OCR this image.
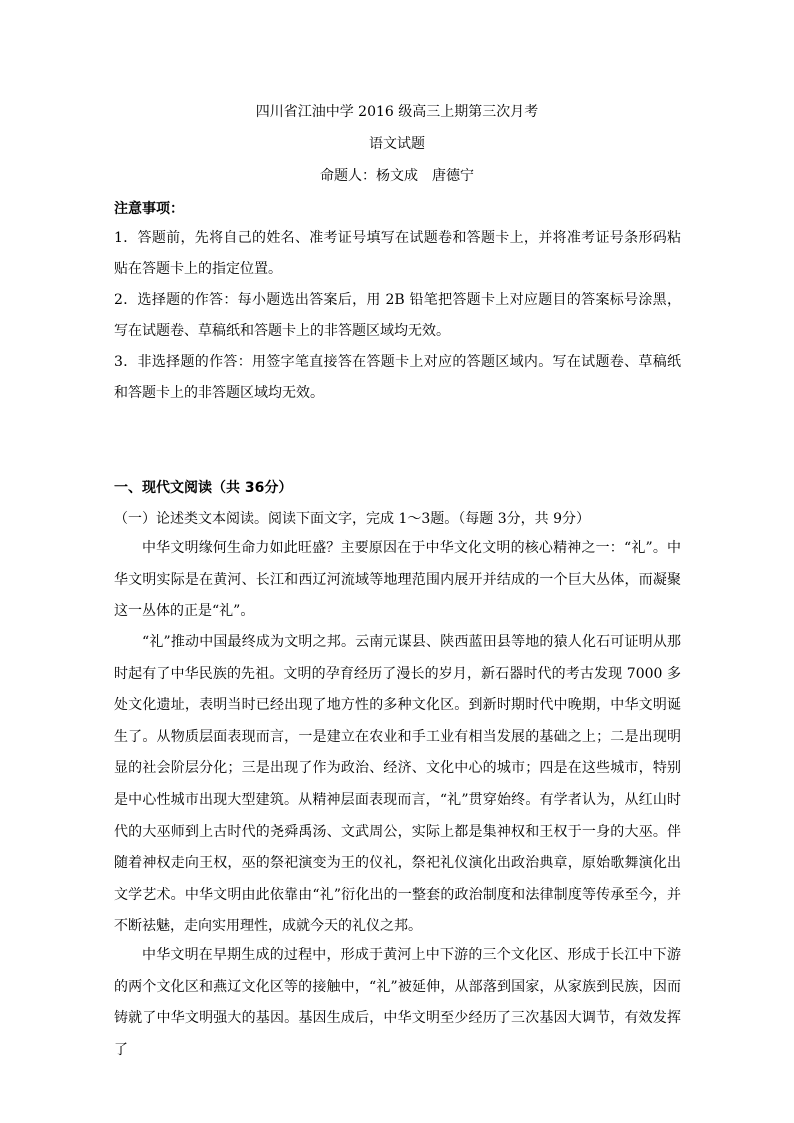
四川省江油中学 2016 级高三上期第三次月考
语文试题
命题人：杨文成　唐德宁
注意事项：
1．答题前，先将自己的姓名、准考证号填写在试题卷和答题卡上，并将准考证号条形码粘贴在答题卡上的指定位置。
2．选择题的作答：每小题选出答案后，用 2B 铅笔把答题卡上对应题目的答案标号涂黑，写在试题卷、草稿纸和答题卡上的非答题区域均无效。
3．非选择题的作答：用签字笔直接答在答题卡上对应的答题区域内。写在试题卷、草稿纸和答题卡上的非答题区域均无效。
一、现代文阅读（共 36分）
（一）论述类文本阅读。阅读下面文字，完成 1～3题。（每题 3分，共 9分）
中华文明缘何生命力如此旺盛？主要原因在于中华文化文明的核心精神之一：“礼”。中华文明实际是在黄河、长江和西辽河流域等地理范围内展开并结成的一个巨大丛体，而凝聚这一丛体的正是“礼”。
“礼”推动中国最终成为文明之邦。云南元谋县、陕西蓝田县等地的猿人化石可证明从那时起有了中华民族的先祖。文明的孕育经历了漫长的岁月，新石器时代的考古发现 7000 多处文化遗址，表明当时已经出现了地方性的多种文化区。到新时期时代中晚期，中华文明诞生了。从物质层面表现而言，一是建立在农业和手工业有相当发展的基础之上；二是出现明显的社会阶层分化；三是出现了作为政治、经济、文化中心的城市；四是在这些城市，特别是中心性城市出现大型建筑。从精神层面表现而言，“礼”贯穿始终。有学者认为，从红山时代的大巫师到上古时代的尧舜禹汤、文武周公，实际上都是集神权和王权于一身的大巫。伴随着神权走向王权，巫的祭祀演变为王的仪礼，祭祀礼仪演化出政治典章，原始歌舞演化出文学艺术。中华文明由此依靠由“礼”衍化出的一整套的政治制度和法律制度等传承至今，并不断祛魅，走向实用理性，成就今天的礼仪之邦。
中华文明在早期生成的过程中，形成于黄河上中下游的三个文化区、形成于长江中下游的两个文化区和燕辽文化区等的接触中，“礼”被延伸，从部落到国家，从家族到民族，因而铸就了中华文明强大的基因。基因生成后，中华文明至少经历了三次基因大调节，有效发挥了
